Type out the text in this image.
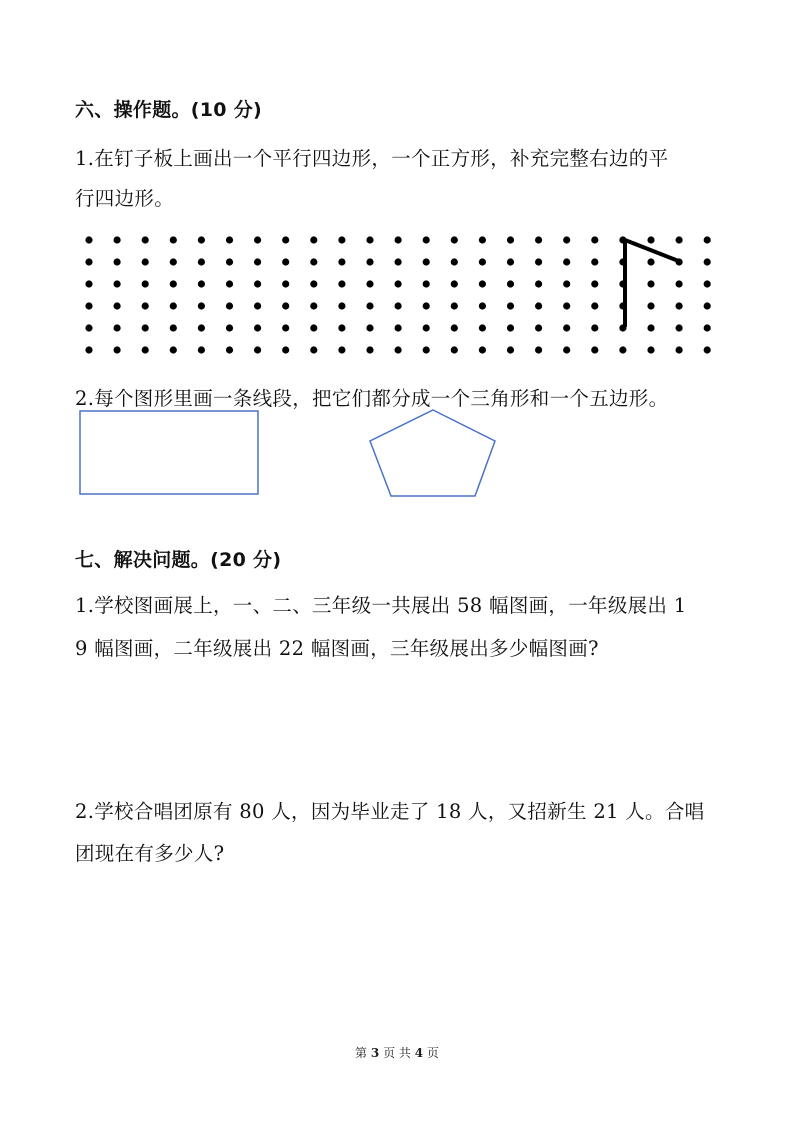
六、操作题。(10 分)
1.在钉子板上画出一个平行四边形，一个正方形，补充完整右边的平
行四边形。
2.每个图形里画一条线段，把它们都分成一个三角形和一个五边形。
七、解决问题。(20 分)
1.学校图画展上，一、二、三年级一共展出 58 幅图画，一年级展出 1
9 幅图画，二年级展出 22 幅图画，三年级展出多少幅图画?
2.学校合唱团原有 80 人，因为毕业走了 18 人，又招新生 21 人。合唱
团现在有多少人?
第 3 页 共 4 页
